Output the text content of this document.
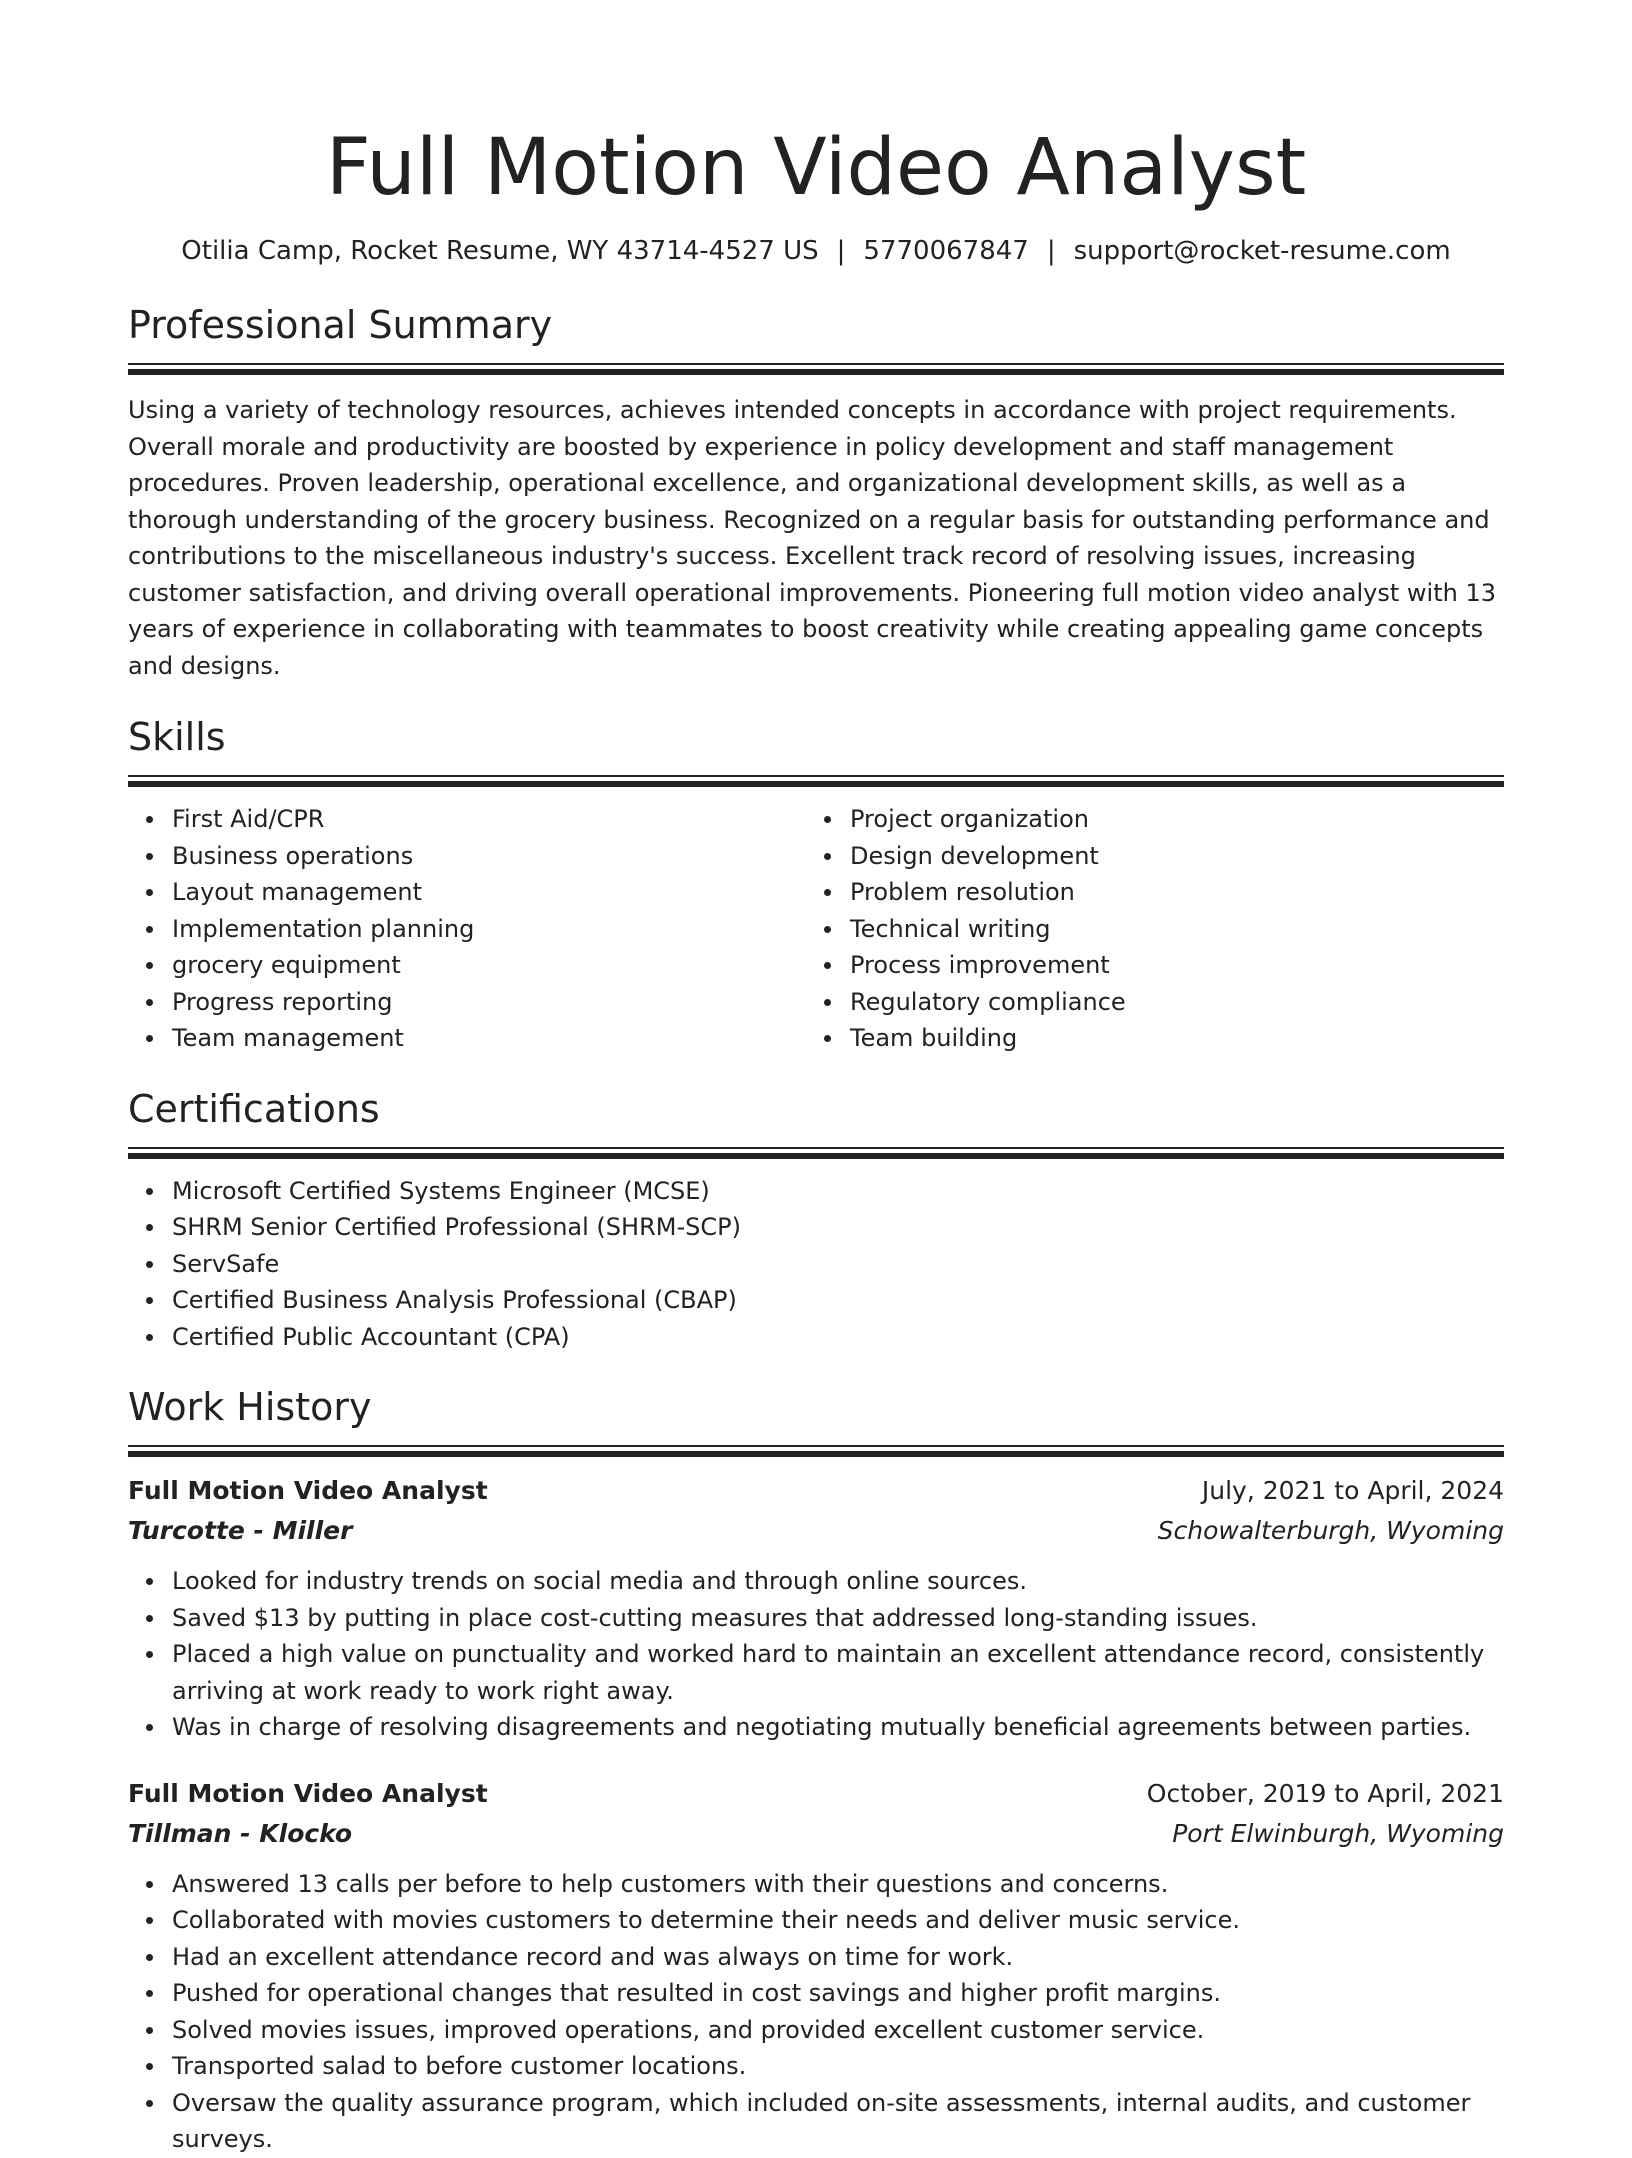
Full Motion Video Analyst
Otilia Camp, Rocket Resume, WY 43714-4527 US | 5770067847 | support@rocket-resume.com
Professional Summary
Using a variety of technology resources, achieves intended concepts in accordance with project requirements. Overall morale and productivity are boosted by experience in policy development and staff management procedures. Proven leadership, operational excellence, and organizational development skills, as well as a thorough understanding of the grocery business. Recognized on a regular basis for outstanding performance and contributions to the miscellaneous industry's success. Excellent track record of resolving issues, increasing customer satisfaction, and driving overall operational improvements. Pioneering full motion video analyst with 13 years of experience in collaborating with teammates to boost creativity while creating appealing game concepts and designs.
Skills
First Aid/CPR
Business operations
Layout management
Implementation planning
grocery equipment
Progress reporting
Team management
Project organization
Design development
Problem resolution
Technical writing
Process improvement
Regulatory compliance
Team building
Certifications
Microsoft Certified Systems Engineer (MCSE)
SHRM Senior Certified Professional (SHRM-SCP)
ServSafe
Certified Business Analysis Professional (CBAP)
Certified Public Accountant (CPA)
Work History
Full Motion Video Analyst	July, 2021 to April, 2024
Turcotte - Miller	Schowalterburgh, Wyoming
Looked for industry trends on social media and through online sources.
Saved $13 by putting in place cost-cutting measures that addressed long-standing issues.
Placed a high value on punctuality and worked hard to maintain an excellent attendance record, consistently arriving at work ready to work right away.
Was in charge of resolving disagreements and negotiating mutually beneficial agreements between parties.
Full Motion Video Analyst	October, 2019 to April, 2021
Tillman - Klocko	Port Elwinburgh, Wyoming
Answered 13 calls per before to help customers with their questions and concerns.
Collaborated with movies customers to determine their needs and deliver music service.
Had an excellent attendance record and was always on time for work.
Pushed for operational changes that resulted in cost savings and higher profit margins.
Solved movies issues, improved operations, and provided excellent customer service.
Transported salad to before customer locations.
Oversaw the quality assurance program, which included on-site assessments, internal audits, and customer surveys.
